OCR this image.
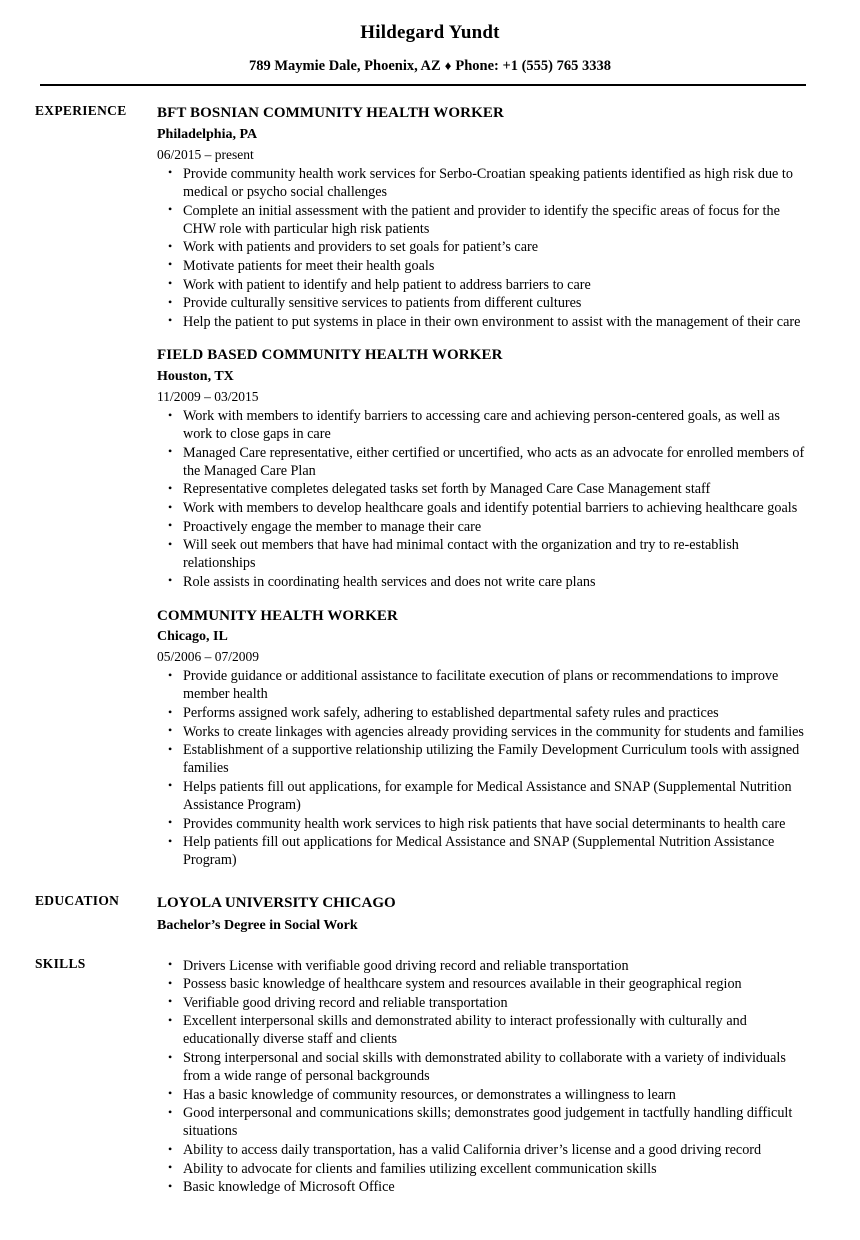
Hildegard Yundt
789 Maymie Dale, Phoenix, AZ ♦ Phone: +1 (555) 765 3338
EXPERIENCE	BFT BOSNIAN COMMUNITY HEALTH WORKER
Philadelphia, PA
06/2015 – present
• Provide community health work services for Serbo-Croatian speaking patients identified as high risk due to medical or psycho social challenges
• Complete an initial assessment with the patient and provider to identify the specific areas of focus for the CHW role with particular high risk patients
• Work with patients and providers to set goals for patient’s care
• Motivate patients for meet their health goals
• Work with patient to identify and help patient to address barriers to care
• Provide culturally sensitive services to patients from different cultures
• Help the patient to put systems in place in their own environment to assist with the management of their care
FIELD BASED COMMUNITY HEALTH WORKER
Houston, TX
11/2009 – 03/2015
• Work with members to identify barriers to accessing care and achieving person-centered goals, as well as work to close gaps in care
• Managed Care representative, either certified or uncertified, who acts as an advocate for enrolled members of the Managed Care Plan
• Representative completes delegated tasks set forth by Managed Care Case Management staff
• Work with members to develop healthcare goals and identify potential barriers to achieving healthcare goals
• Proactively engage the member to manage their care
• Will seek out members that have had minimal contact with the organization and try to re-establish relationships
• Role assists in coordinating health services and does not write care plans
COMMUNITY HEALTH WORKER
Chicago, IL
05/2006 – 07/2009
• Provide guidance or additional assistance to facilitate execution of plans or recommendations to improve member health
• Performs assigned work safely, adhering to established departmental safety rules and practices
• Works to create linkages with agencies already providing services in the community for students and families
• Establishment of a supportive relationship utilizing the Family Development Curriculum tools with assigned families
• Helps patients fill out applications, for example for Medical Assistance and SNAP (Supplemental Nutrition Assistance Program)
• Provides community health work services to high risk patients that have social determinants to health care
• Help patients fill out applications for Medical Assistance and SNAP (Supplemental Nutrition Assistance Program)
EDUCATION	LOYOLA UNIVERSITY CHICAGO
Bachelor’s Degree in Social Work
SKILLS	• Drivers License with verifiable good driving record and reliable transportation
• Possess basic knowledge of healthcare system and resources available in their geographical region
• Verifiable good driving record and reliable transportation
• Excellent interpersonal skills and demonstrated ability to interact professionally with culturally and educationally diverse staff and clients
• Strong interpersonal and social skills with demonstrated ability to collaborate with a variety of individuals from a wide range of personal backgrounds
• Has a basic knowledge of community resources, or demonstrates a willingness to learn
• Good interpersonal and communications skills; demonstrates good judgement in tactfully handling difficult situations
• Ability to access daily transportation, has a valid California driver’s license and a good driving record
• Ability to advocate for clients and families utilizing excellent communication skills
• Basic knowledge of Microsoft Office
